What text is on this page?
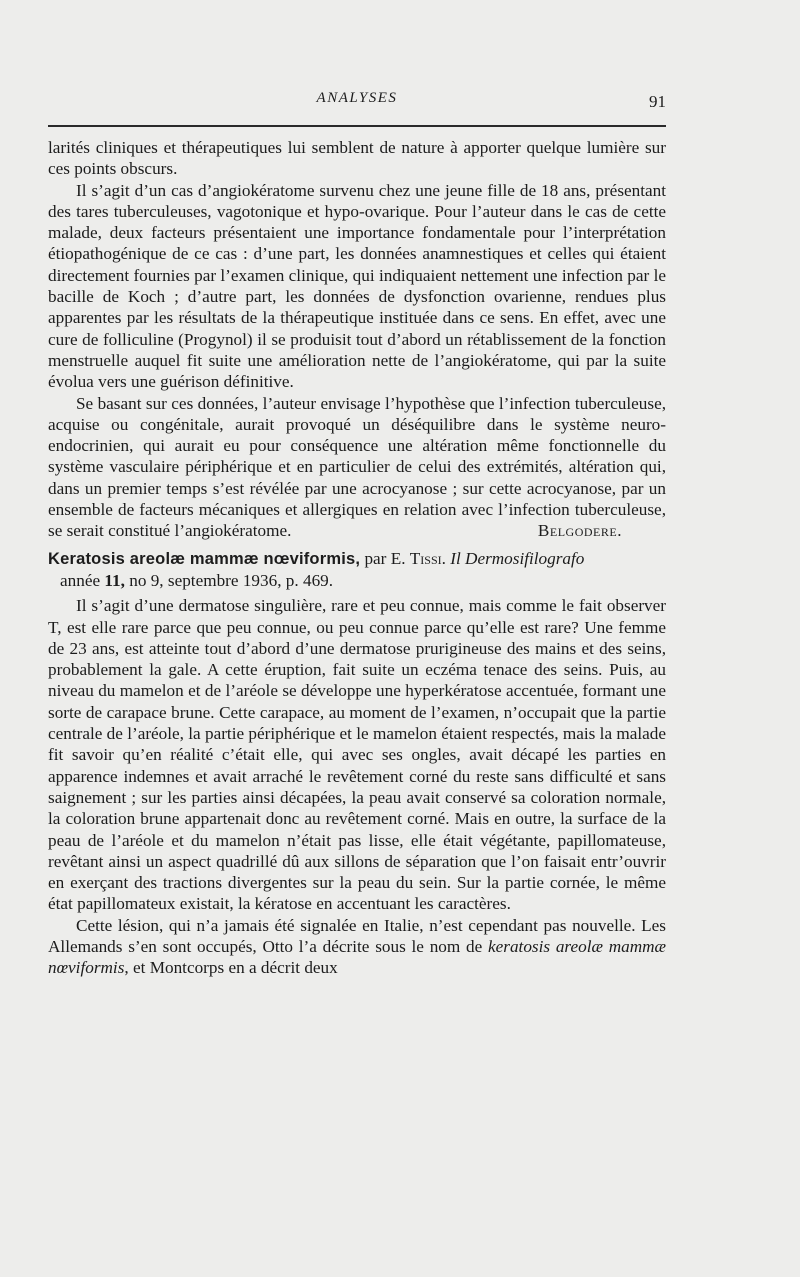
ANALYSES	91

larités cliniques et thérapeutiques lui semblent de nature à apporter quelque lumière sur ces points obscurs.

Il s’agit d’un cas d’angiokératome survenu chez une jeune fille de 18 ans, présentant des tares tuberculeuses, vagotonique et hypo-ovarique. Pour l’auteur dans le cas de cette malade, deux facteurs présentaient une importance fondamentale pour l’interprétation étiopathogénique de ce cas : d’une part, les données anamnestiques et celles qui étaient directement fournies par l’examen clinique, qui indiquaient nettement une infection par le bacille de Koch ; d’autre part, les données de dysfonction ovarienne, rendues plus apparentes par les résultats de la thérapeutique instituée dans ce sens. En effet, avec une cure de folliculine (Progynol) il se produisit tout d’abord un rétablissement de la fonction menstruelle auquel fit suite une amélioration nette de l’angiokératome, qui par la suite évolua vers une guérison définitive.

Se basant sur ces données, l’auteur envisage l’hypothèse que l’infection tuberculeuse, acquise ou congénitale, aurait provoqué un déséquilibre dans le système neuro-endocrinien, qui aurait eu pour conséquence une altération même fonctionnelle du système vasculaire périphérique et en particulier de celui des extrémités, altération qui, dans un premier temps s’est révélée par une acrocyanose ; sur cette acrocyanose, par un ensemble de facteurs mécaniques et allergiques en relation avec l’infection tuberculeuse, se serait constitué l’angiokératome.	Belgodere.

Keratosis areolæ mammæ nœviformis, par E. Tissi. Il Dermosifilografo

année 11, no 9, septembre 1936, p. 469.

Il s’agit d’une dermatose singulière, rare et peu connue, mais comme le fait observer T, est elle rare parce que peu connue, ou peu connue parce qu’elle est rare? Une femme de 23 ans, est atteinte tout d’abord d’une dermatose prurigineuse des mains et des seins, probablement la gale. A cette éruption, fait suite un eczéma tenace des seins. Puis, au niveau du mamelon et de l’aréole se développe une hyperkératose accentuée, formant une sorte de carapace brune. Cette carapace, au moment de l’examen, n’occupait que la partie centrale de l’aréole, la partie périphérique et le mamelon étaient respectés, mais la malade fit savoir qu’en réalité c’était elle, qui avec ses ongles, avait décapé les parties en apparence indemnes et avait arraché le revêtement corné du reste sans difficulté et sans saignement ; sur les parties ainsi décapées, la peau avait conservé sa coloration normale, la coloration brune appartenait donc au revêtement corné. Mais en outre, la surface de la peau de l’aréole et du mamelon n’était pas lisse, elle était végétante, papillomateuse, revêtant ainsi un aspect quadrillé dû aux sillons de séparation que l’on faisait entr’ouvrir en exerçant des tractions divergentes sur la peau du sein. Sur la partie cornée, le même état papillomateux existait, la kératose en accentuant les caractères.

Cette lésion, qui n’a jamais été signalée en Italie, n’est cependant pas nouvelle. Les Allemands s’en sont occupés, Otto l’a décrite sous le nom de keratosis areolæ mammæ nœviformis, et Montcorps en a décrit deux
